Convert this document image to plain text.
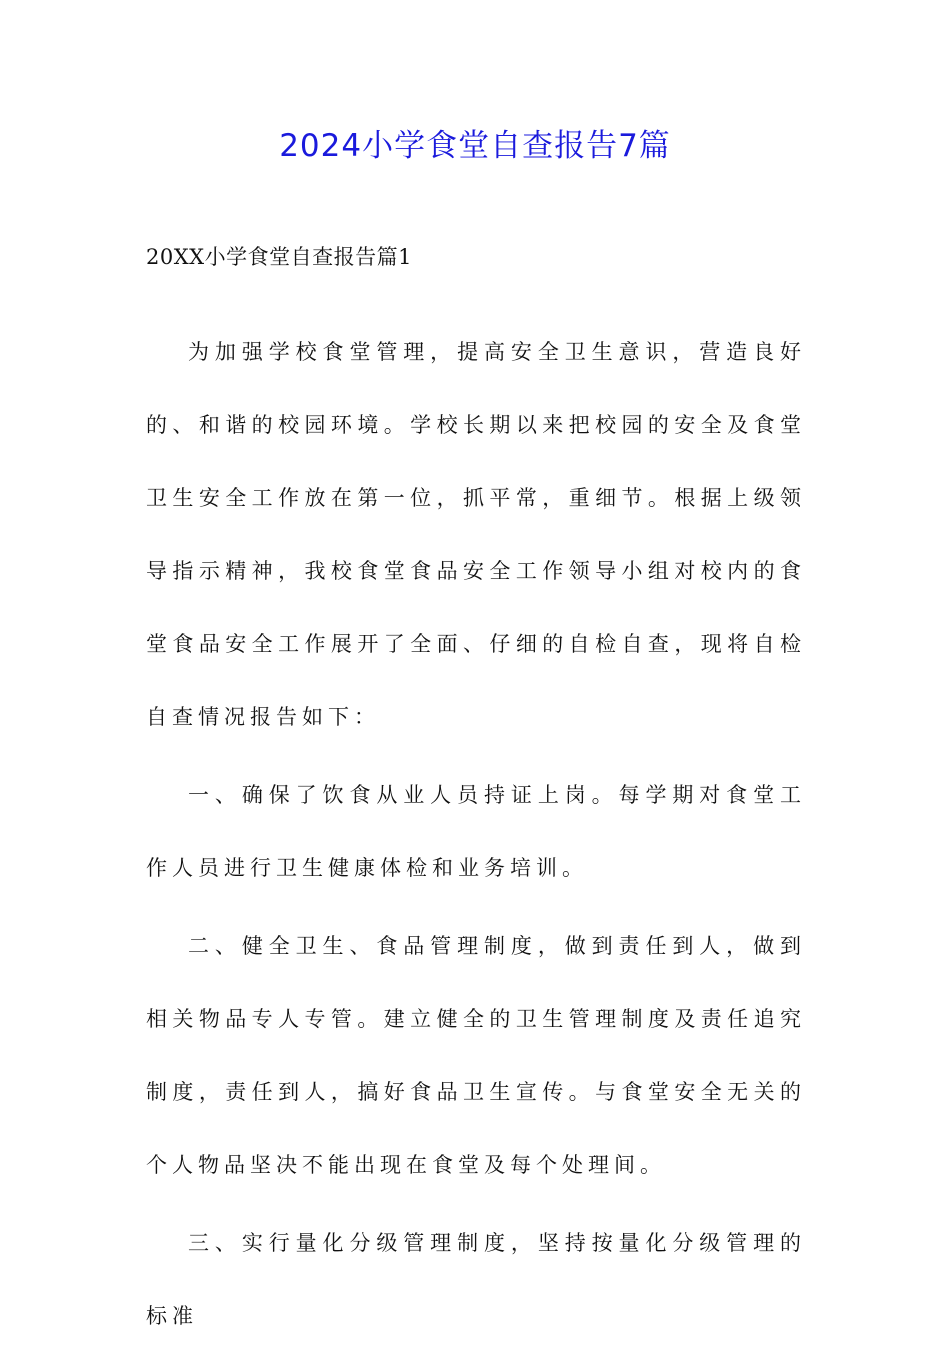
2024小学食堂自查报告7篇
20XX小学食堂自查报告篇1

为加强学校食堂管理，提高安全卫生意识，营造良好的、和谐的校园环境。学校长期以来把校园的安全及食堂卫生安全工作放在第一位，抓平常，重细节。根据上级领导指示精神，我校食堂食品安全工作领导小组对校内的食堂食品安全工作展开了全面、仔细的自检自查，现将自检自查情况报告如下：

一、确保了饮食从业人员持证上岗。每学期对食堂工作人员进行卫生健康体检和业务培训。

二、健全卫生、食品管理制度，做到责任到人，做到相关物品专人专管。建立健全的卫生管理制度及责任追究制度，责任到人，搞好食品卫生宣传。与食堂安全无关的个人物品坚决不能出现在食堂及每个处理间。

三、实行量化分级管理制度，坚持按量化分级管理的标准
